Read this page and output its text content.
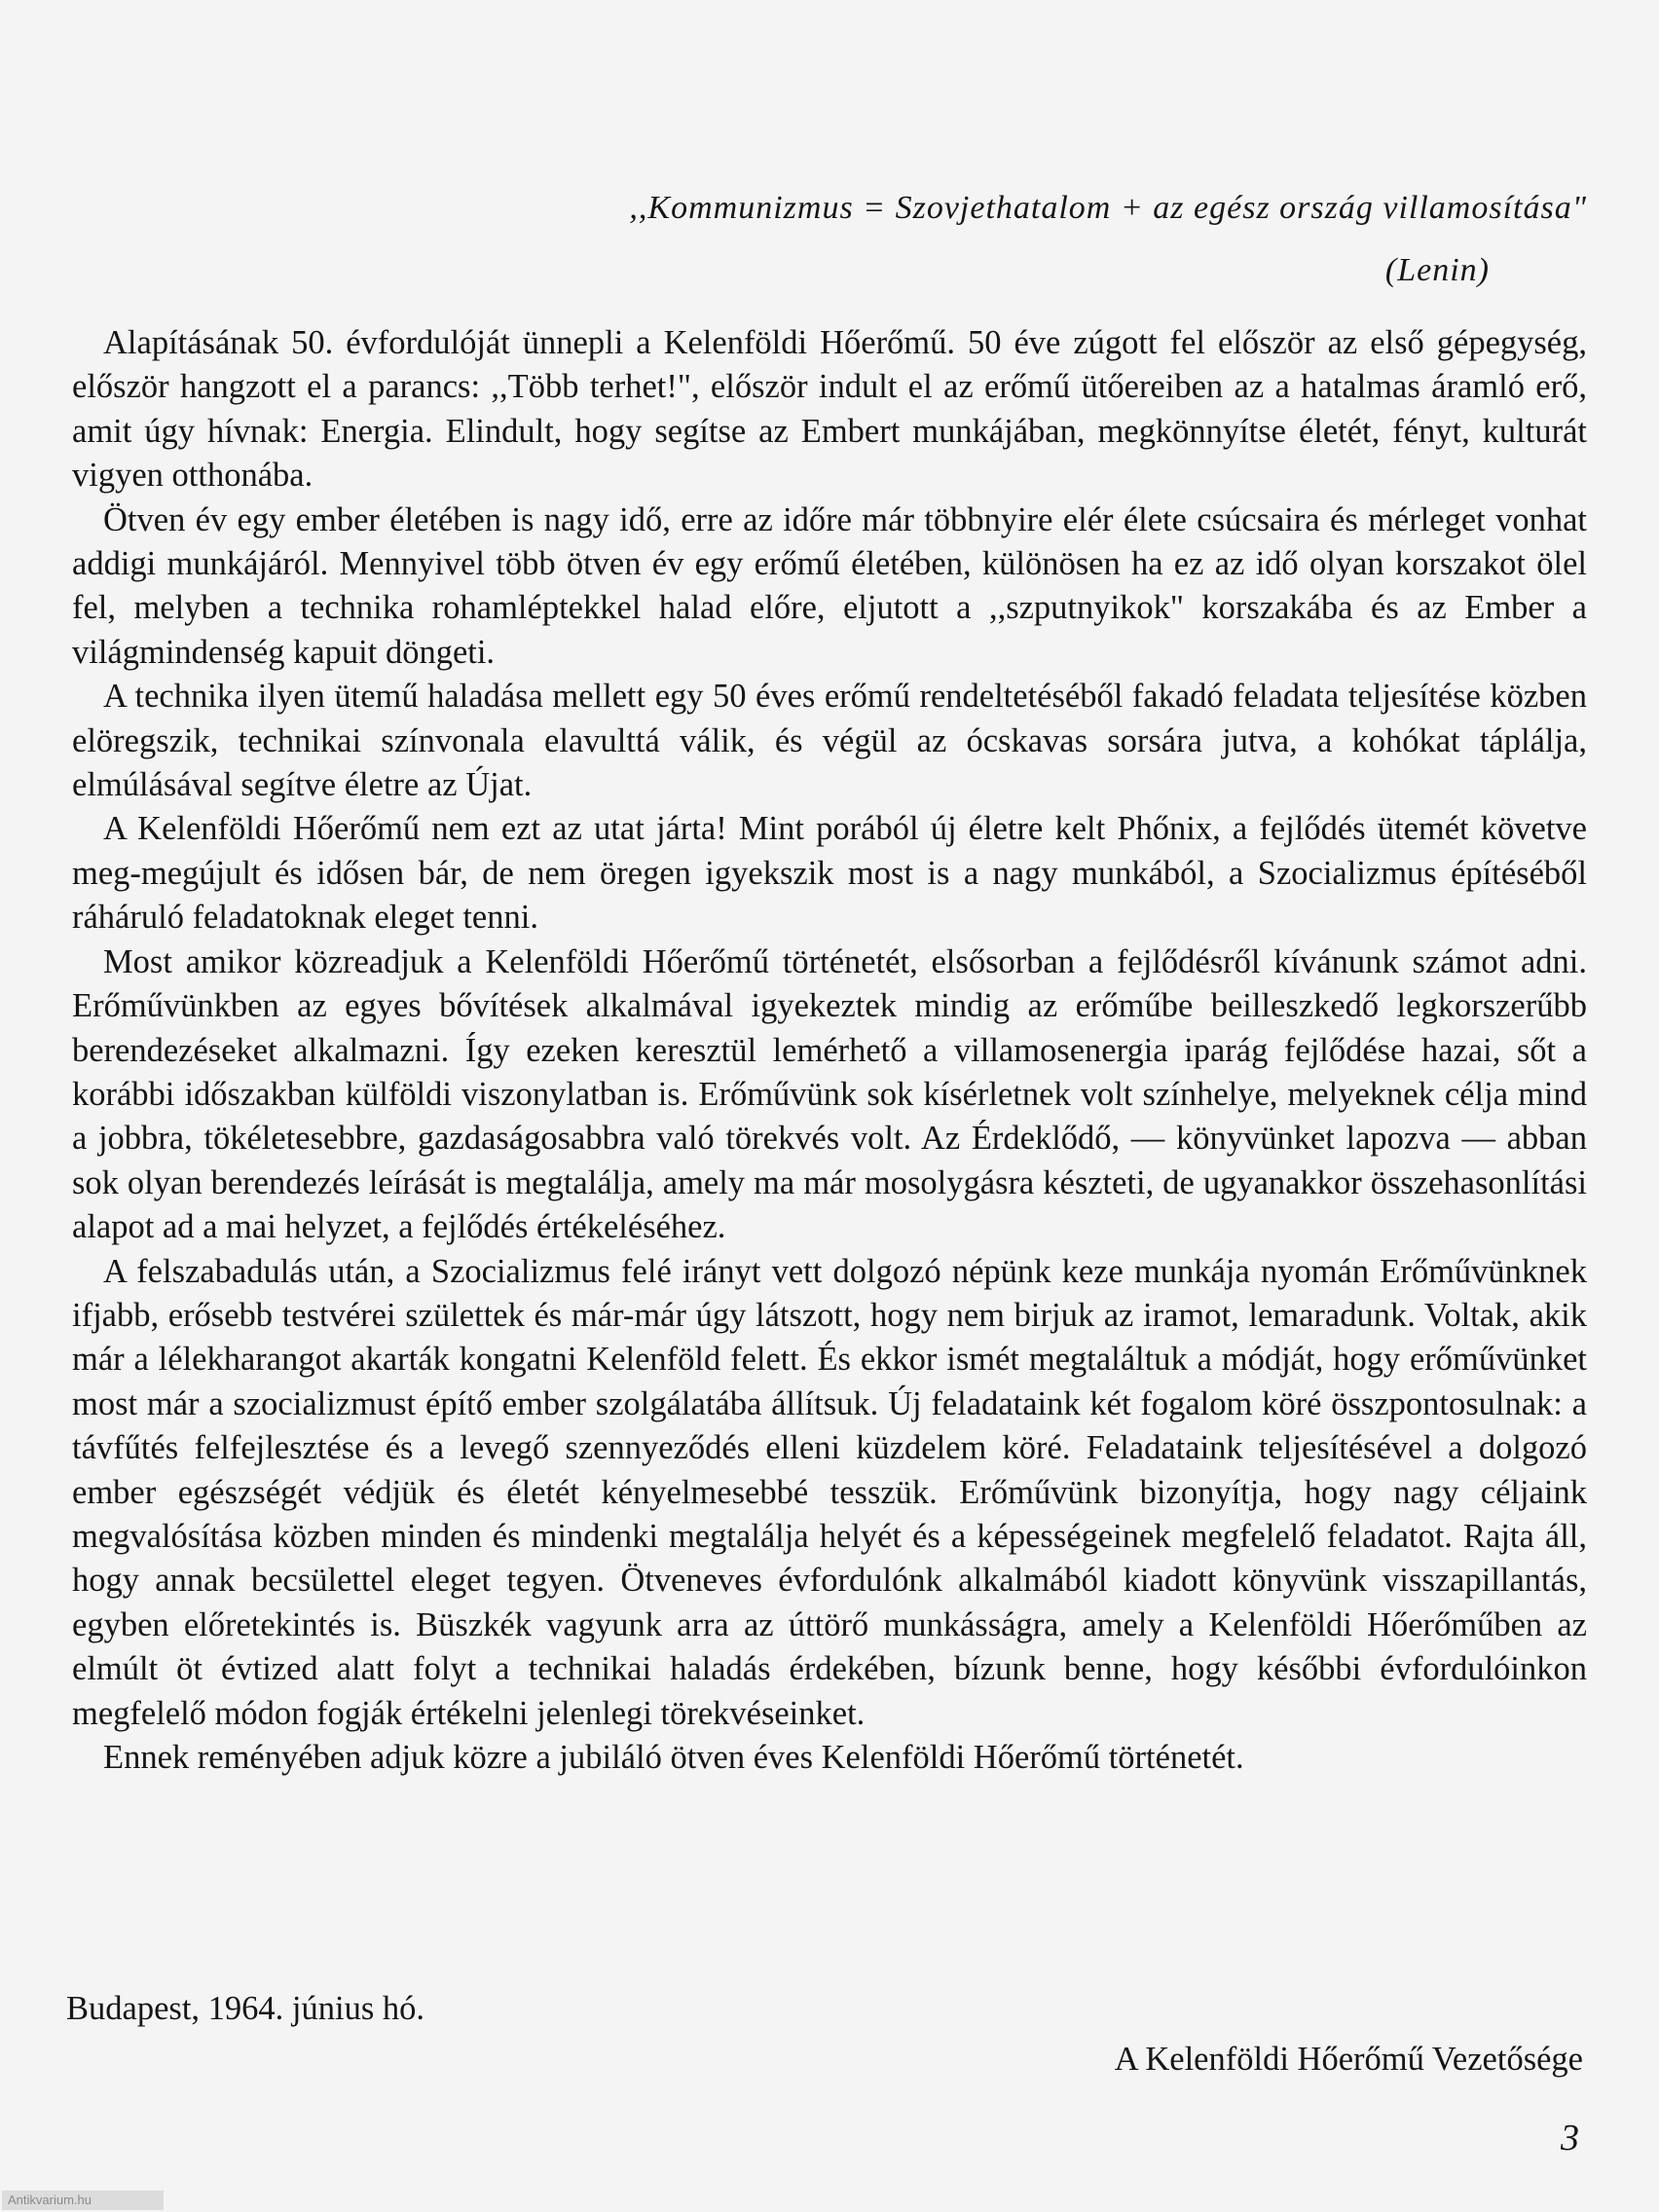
,,Kommunizmus = Szovjethatalom + az egész ország villamosítása"
(Lenin)

Alapításának 50. évfordulóját ünnepli a Kelenföldi Hőerőmű. 50 éve zúgott fel először az első gépegység, először hangzott el a parancs: ,,Több terhet!", először indult el az erőmű ütőereiben az a hatalmas áramló erő, amit úgy hívnak: Energia. Elindult, hogy segítse az Embert munkájában, megkönnyítse életét, fényt, kulturát vigyen otthonába.

Ötven év egy ember életében is nagy idő, erre az időre már többnyire elér élete csúcsaira és mérleget vonhat addigi munkájáról. Mennyivel több ötven év egy erőmű életében, különösen ha ez az idő olyan korszakot ölel fel, melyben a technika rohamléptekkel halad előre, eljutott a ,,szputnyikok" korszakába és az Ember a világmindenség kapuit döngeti.

A technika ilyen ütemű haladása mellett egy 50 éves erőmű rendeltetéséből fakadó feladata teljesítése közben elöregszik, technikai színvonala elavulttá válik, és végül az ócskavas sorsára jutva, a kohókat táplálja, elmúlásával segítve életre az Újat.

A Kelenföldi Hőerőmű nem ezt az utat járta! Mint porából új életre kelt Phőnix, a fejlődés ütemét követve meg-megújult és idősen bár, de nem öregen igyekszik most is a nagy munkából, a Szocializmus építéséből ráháruló feladatoknak eleget tenni.

Most amikor közreadjuk a Kelenföldi Hőerőmű történetét, elsősorban a fejlődésről kívánunk számot adni. Erőművünkben az egyes bővítések alkalmával igyekeztek mindig az erőműbe beilleszkedő legkorszerűbb berendezéseket alkalmazni. Így ezeken keresztül lemérhető a villamosenergia iparág fejlődése hazai, sőt a korábbi időszakban külföldi viszonylatban is. Erőművünk sok kísérletnek volt színhelye, melyeknek célja mind a jobbra, tökéletesebbre, gazdaságosabbra való törekvés volt. Az Érdeklődő, — könyvünket lapozva — abban sok olyan berendezés leírását is megtalálja, amely ma már mosolygásra készteti, de ugyanakkor összehasonlítási alapot ad a mai helyzet, a fejlődés értékeléséhez.

A felszabadulás után, a Szocializmus felé irányt vett dolgozó népünk keze munkája nyomán Erőművünknek ifjabb, erősebb testvérei születtek és már-már úgy látszott, hogy nem birjuk az iramot, lemaradunk. Voltak, akik már a lélekharangot akarták kongatni Kelenföld felett. És ekkor ismét megtaláltuk a módját, hogy erőművünket most már a szocializmust építő ember szolgálatába állítsuk. Új feladataink két fogalom köré összpontosulnak: a távfűtés felfejlesztése és a levegő szennyeződés elleni küzdelem köré. Feladataink teljesítésével a dolgozó ember egészségét védjük és életét kényelmesebbé tesszük. Erőművünk bizonyítja, hogy nagy céljaink megvalósítása közben minden és mindenki megtalálja helyét és a képességeinek megfelelő feladatot. Rajta áll, hogy annak becsülettel eleget tegyen. Ötveneves évfordulónk alkalmából kiadott könyvünk visszapillantás, egyben előretekintés is. Büszkék vagyunk arra az úttörő munkásságra, amely a Kelenföldi Hőerőműben az elmúlt öt évtized alatt folyt a technikai haladás érdekében, bízunk benne, hogy későbbi évfordulóinkon megfelelő módon fogják értékelni jelenlegi törekvéseinket.

Ennek reményében adjuk közre a jubiláló ötven éves Kelenföldi Hőerőmű történetét.

Budapest, 1964. június hó.
A Kelenföldi Hőerőmű Vezetősége
3
Antikvarium.hu
